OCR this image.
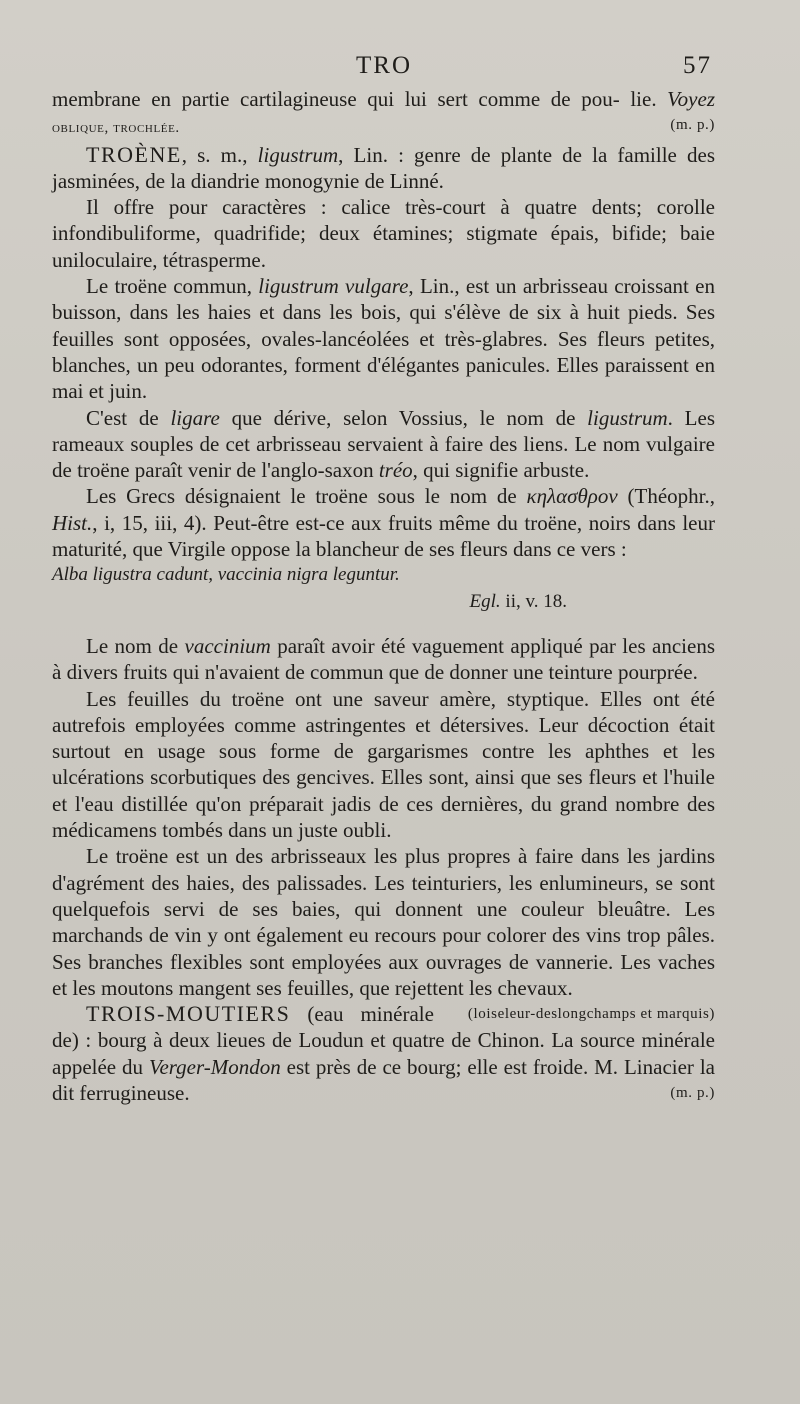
TRO	57

membrane en partie cartilagineuse qui lui sert comme de pou- lie. Voyez oblique, trochlée.	(m. p.)

TROÈNE, s. m., ligustrum, Lin. : genre de plante de la famille des jasminées, de la diandrie monogynie de Linné.

Il offre pour caractères : calice très-court à quatre dents; corolle infondibuliforme, quadrifide; deux étamines; stigmate épais, bifide; baie uniloculaire, tétrasperme.

Le troëne commun, ligustrum vulgare, Lin., est un arbrisseau croissant en buisson, dans les haies et dans les bois, qui s'élève de six à huit pieds. Ses feuilles sont opposées, ovales-lancéolées et très-glabres. Ses fleurs petites, blanches, un peu odorantes, forment d'élégantes panicules. Elles paraissent en mai et juin.

C'est de ligare que dérive, selon Vossius, le nom de ligustrum. Les rameaux souples de cet arbrisseau servaient à faire des liens. Le nom vulgaire de troëne paraît venir de l'anglo-saxon tréo, qui signifie arbuste.

Les Grecs désignaient le troëne sous le nom de κηλασθρον (Théophr., Hist., i, 15, iii, 4). Peut-être est-ce aux fruits même du troëne, noirs dans leur maturité, que Virgile oppose la blancheur de ses fleurs dans ce vers :

Alba ligustra cadunt, vaccinia nigra leguntur.

Egl. ii, v. 18.

Le nom de vaccinium paraît avoir été vaguement appliqué par les anciens à divers fruits qui n'avaient de commun que de donner une teinture pourprée.

Les feuilles du troëne ont une saveur amère, styptique. Elles ont été autrefois employées comme astringentes et détersives. Leur décoction était surtout en usage sous forme de gargarismes contre les aphthes et les ulcérations scorbutiques des gencives. Elles sont, ainsi que ses fleurs et l'huile et l'eau distillée qu'on préparait jadis de ces dernières, du grand nombre des médicamens tombés dans un juste oubli.

Le troëne est un des arbrisseaux les plus propres à faire dans les jardins d'agrément des haies, des palissades. Les teinturiers, les enlumineurs, se sont quelquefois servi de ses baies, qui donnent une couleur bleuâtre. Les marchands de vin y ont également eu recours pour colorer des vins trop pâles. Ses branches flexibles sont employées aux ouvrages de vannerie. Les vaches et les moutons mangent ses feuilles, que rejettent les chevaux.
(loiseleur-deslongchamps et marquis)

TROIS-MOUTIERS (eau minérale de) : bourg à deux lieues de Loudun et quatre de Chinon. La source minérale appelée du Verger-Mondon est près de ce bourg; elle est froide. M. Linacier la dit ferrugineuse.	(m. p.)
